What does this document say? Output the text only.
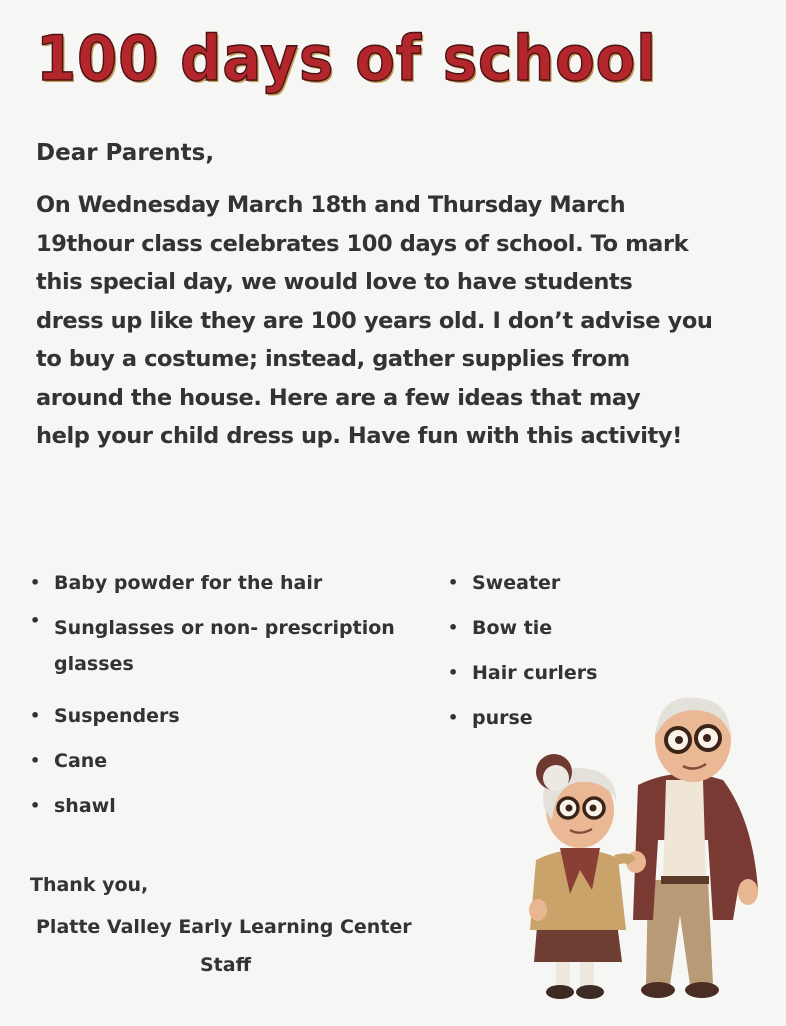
100 days of school
Dear Parents,
On Wednesday March 18th and Thursday March
19thour class celebrates 100 days of school. To mark
this special day, we would love to have students
dress up like they are 100 years old. I don’t advise you
to buy a costume; instead, gather supplies from
around the house. Here are a few ideas that may
help your child dress up. Have fun with this activity!
• Baby powder for the hair
• Sunglasses or non- prescription glasses
• Suspenders
• Cane
• shawl
• Sweater
• Bow tie
• Hair curlers
• purse
Thank you,
Platte Valley Early Learning Center
Staff
